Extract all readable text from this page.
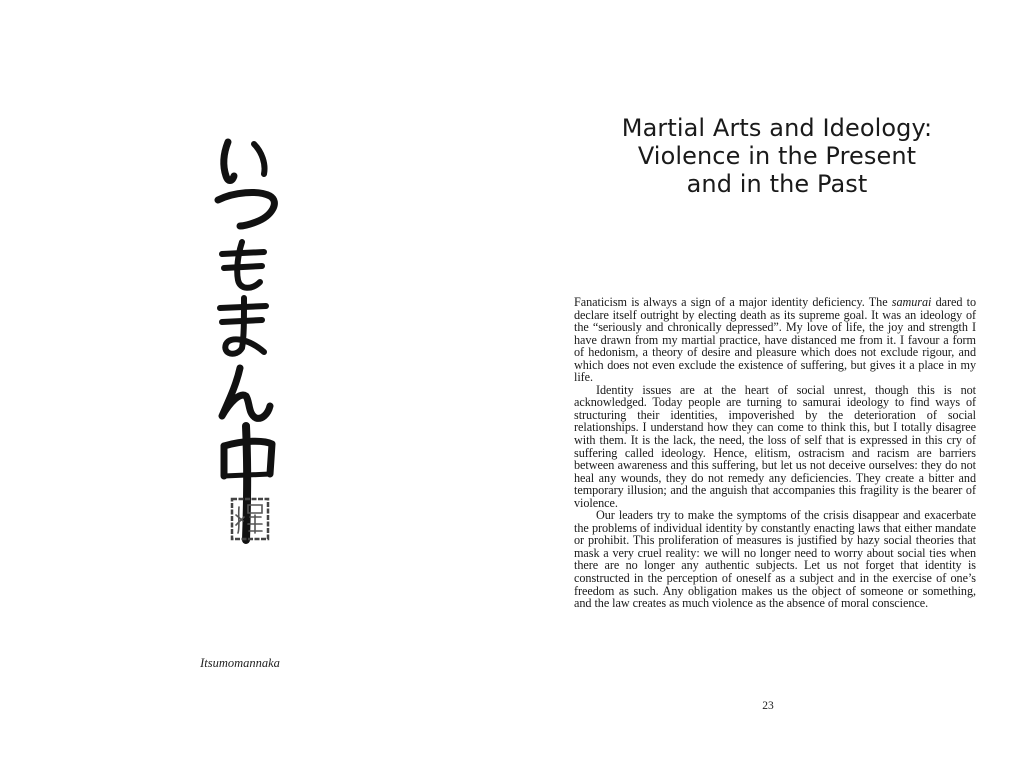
Itsumomannaka
Martial Arts and Ideology:
Violence in the Present
and in the Past

Fanaticism is always a sign of a major identity deficiency. The samurai dared to declare itself outright by electing death as its supreme goal. It was an ideology of the “seriously and chronically depressed”. My love of life, the joy and strength I have drawn from my martial practice, have distanced me from it. I favour a form of hedonism, a theory of desire and pleasure which does not exclude rigour, and which does not even exclude the existence of suffering, but gives it a place in my life.

Identity issues are at the heart of social unrest, though this is not acknowledged. Today people are turning to samurai ideology to find ways of structuring their identities, impoverished by the deterioration of social relationships. I understand how they can come to think this, but I totally disagree with them. It is the lack, the need, the loss of self that is expressed in this cry of suffering called ideology. Hence, elitism, ostracism and racism are barriers between awareness and this suffering, but let us not deceive ourselves: they do not heal any wounds, they do not remedy any deficiencies. They create a bitter and temporary illusion; and the anguish that accompanies this fragility is the bearer of violence.

Our leaders try to make the symptoms of the crisis disappear and exacerbate the problems of individual identity by constantly enacting laws that either mandate or prohibit. This proliferation of measures is justified by hazy social theories that mask a very cruel reality: we will no longer need to worry about social ties when there are no longer any authentic subjects. Let us not forget that identity is constructed in the perception of oneself as a subject and in the exercise of one’s freedom as such. Any obligation makes us the object of someone or something, and the law creates as much violence as the absence of moral conscience.

23
